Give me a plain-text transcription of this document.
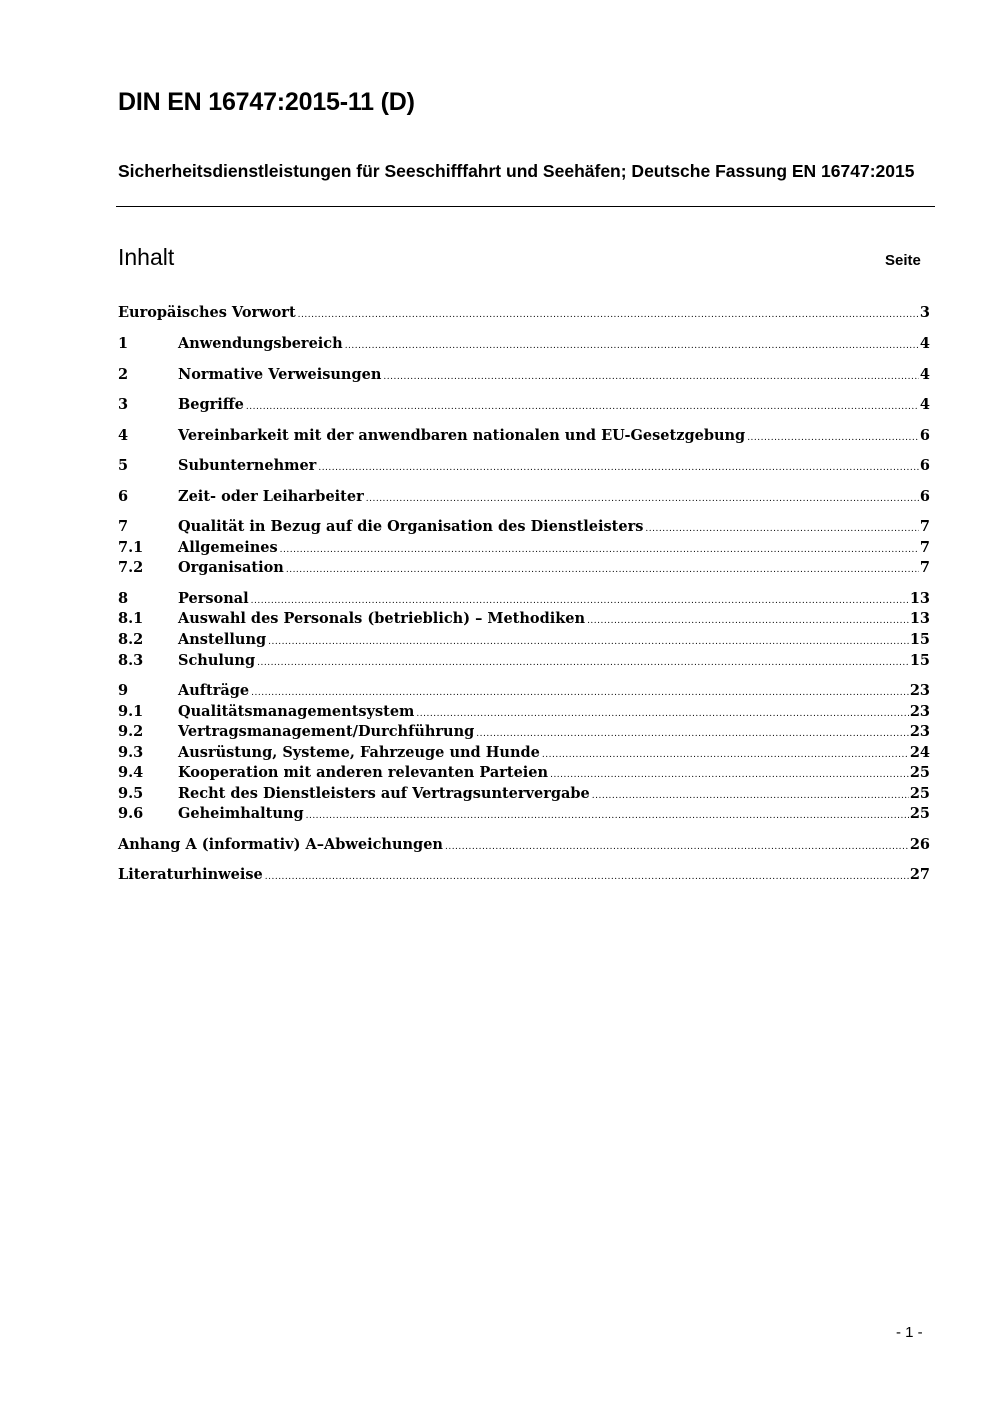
DIN EN 16747:2015-11 (D)
Sicherheitsdienstleistungen für Seeschifffahrt und Seehäfen; Deutsche Fassung EN 16747:2015
Inhalt	Seite
Europäisches Vorwort .....	3
1	Anwendungsbereich .....	4
2	Normative Verweisungen .....	4
3	Begriffe .....	4
4	Vereinbarkeit mit der anwendbaren nationalen und EU-Gesetzgebung .....	6
5	Subunternehmer .....	6
6	Zeit- oder Leiharbeiter .....	6
7	Qualität in Bezug auf die Organisation des Dienstleisters .....	7
7.1	Allgemeines .....	7
7.2	Organisation .....	7
8	Personal .....	13
8.1	Auswahl des Personals (betrieblich) – Methodiken .....	13
8.2	Anstellung .....	15
8.3	Schulung .....	15
9	Aufträge .....	23
9.1	Qualitätsmanagementsystem .....	23
9.2	Vertragsmanagement/Durchführung .....	23
9.3	Ausrüstung, Systeme, Fahrzeuge und Hunde .....	24
9.4	Kooperation mit anderen relevanten Parteien .....	25
9.5	Recht des Dienstleisters auf Vertragsuntervergabe .....	25
9.6	Geheimhaltung .....	25
Anhang A (informativ) A–Abweichungen .....	26
Literaturhinweise .....	27
- 1 -
